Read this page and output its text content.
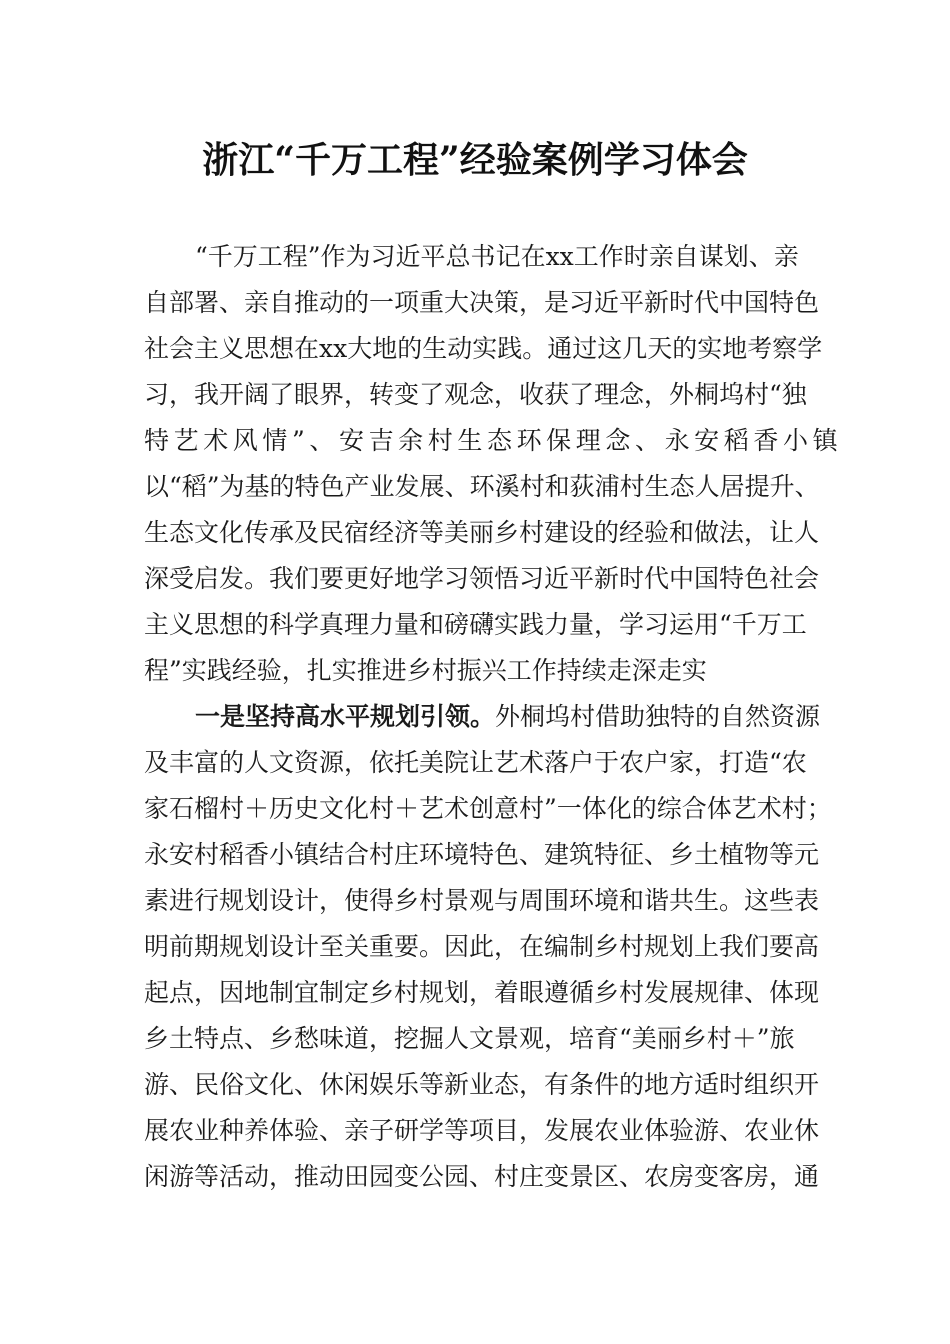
浙江“千万工程”经验案例学习体会
“千万工程”作为习近平总书记在xx工作时亲自谋划、亲
自部署、亲自推动的一项重大决策，是习近平新时代中国特色
社会主义思想在xx大地的生动实践。通过这几天的实地考察学
习，我开阔了眼界，转变了观念，收获了理念，外桐坞村“独
特艺术风情”、安吉余村生态环保理念、永安稻香小镇
以“稻”为基的特色产业发展、环溪村和荻浦村生态人居提升、
生态文化传承及民宿经济等美丽乡村建设的经验和做法，让人
深受启发。我们要更好地学习领悟习近平新时代中国特色社会
主义思想的科学真理力量和磅礴实践力量，学习运用“千万工
程”实践经验，扎实推进乡村振兴工作持续走深走实
一是坚持高水平规划引领。外桐坞村借助独特的自然资源
及丰富的人文资源，依托美院让艺术落户于农户家，打造“农
家石榴村＋历史文化村＋艺术创意村”一体化的综合体艺术村；
永安村稻香小镇结合村庄环境特色、建筑特征、乡土植物等元
素进行规划设计，使得乡村景观与周围环境和谐共生。这些表
明前期规划设计至关重要。因此，在编制乡村规划上我们要高
起点，因地制宜制定乡村规划，着眼遵循乡村发展规律、体现
乡土特点、乡愁味道，挖掘人文景观，培育“美丽乡村＋”旅
游、民俗文化、休闲娱乐等新业态，有条件的地方适时组织开
展农业种养体验、亲子研学等项目，发展农业体验游、农业休
闲游等活动，推动田园变公园、村庄变景区、农房变客房，通
